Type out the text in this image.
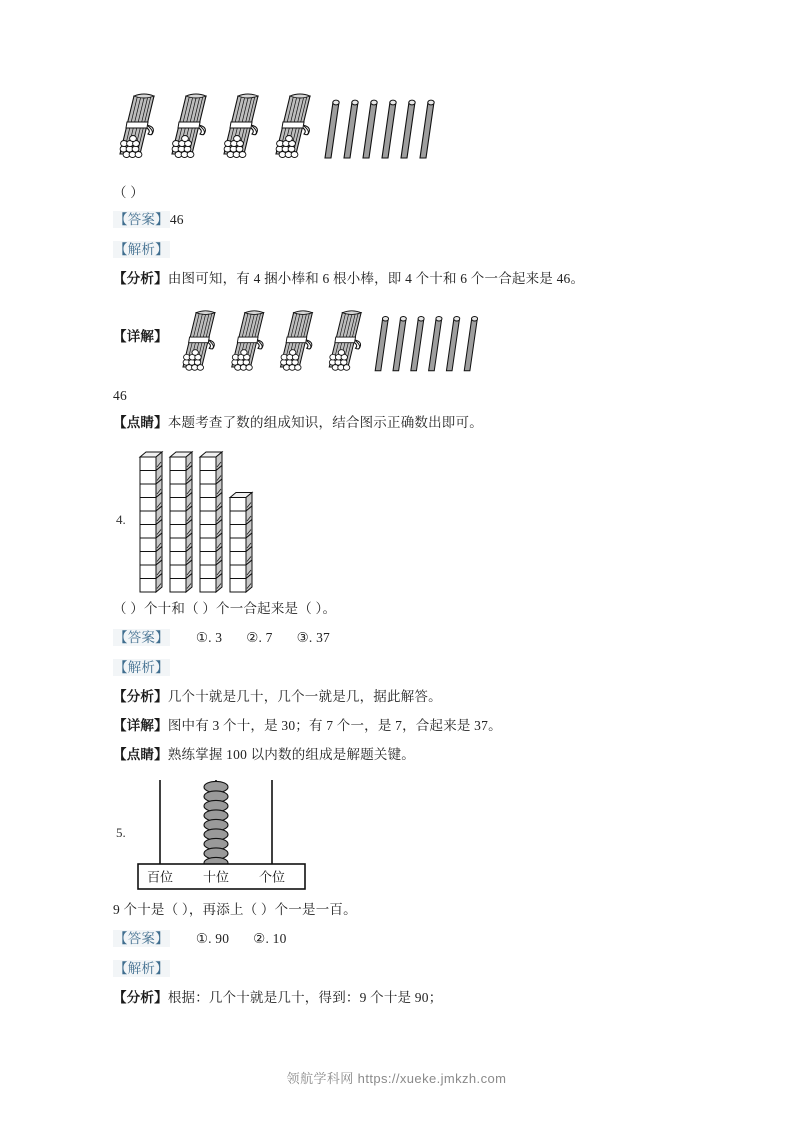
（ ）
【答案】46
【解析】
【分析】由图可知，有 4 捆小棒和 6 根小棒，即 4 个十和 6 个一合起来是 46。
【详解】
46
【点睛】本题考查了数的组成知识，结合图示正确数出即可。
4.
（ ）个十和（ ）个一合起来是（ ）。
【答案】 ①. 3 ②. 7 ③. 37
【解析】
【分析】几个十就是几十，几个一就是几，据此解答。
【详解】图中有 3 个十，是 30；有 7 个一，是 7，合起来是 37。
【点睛】熟练掌握 100 以内数的组成是解题关键。
5.
百位 十位 个位
9 个十是（ ），再添上（ ）个一是一百。
【答案】 ①. 90 ②. 10
【解析】
【分析】根据：几个十就是几十，得到：9 个十是 90；
领航学科网 https://xueke.jmkzh.com
